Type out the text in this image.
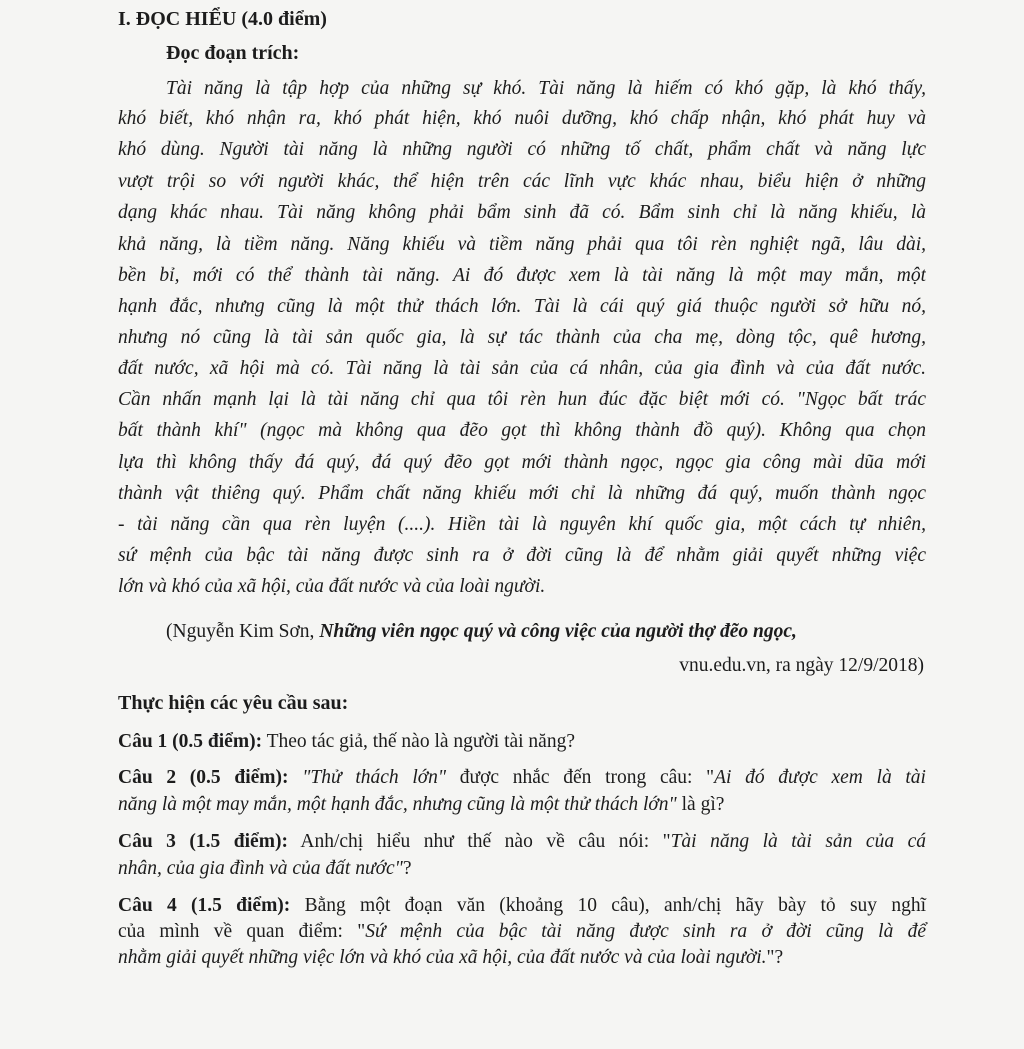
I. ĐỌC HIỂU (4.0 điểm)
Đọc đoạn trích:
Tài năng là tập hợp của những sự khó. Tài năng là hiếm có khó gặp, là khó thấy,
khó biết, khó nhận ra, khó phát hiện, khó nuôi dưỡng, khó chấp nhận, khó phát huy và
khó dùng. Người tài năng là những người có những tố chất, phẩm chất và năng lực
vượt trội so với người khác, thể hiện trên các lĩnh vực khác nhau, biểu hiện ở những
dạng khác nhau. Tài năng không phải bẩm sinh đã có. Bẩm sinh chỉ là năng khiếu, là
khả năng, là tiềm năng. Năng khiếu và tiềm năng phải qua tôi rèn nghiệt ngã, lâu dài,
bền bỉ, mới có thể thành tài năng. Ai đó được xem là tài năng là một may mắn, một
hạnh đắc, nhưng cũng là một thử thách lớn. Tài là cái quý giá thuộc người sở hữu nó,
nhưng nó cũng là tài sản quốc gia, là sự tác thành của cha mẹ, dòng tộc, quê hương,
đất nước, xã hội mà có. Tài năng là tài sản của cá nhân, của gia đình và của đất nước.
Cần nhấn mạnh lại là tài năng chỉ qua tôi rèn hun đúc đặc biệt mới có. "Ngọc bất trác
bất thành khí" (ngọc mà không qua đẽo gọt thì không thành đồ quý). Không qua chọn
lựa thì không thấy đá quý, đá quý đẽo gọt mới thành ngọc, ngọc gia công mài dũa mới
thành vật thiêng quý. Phẩm chất năng khiếu mới chỉ là những đá quý, muốn thành ngọc
- tài năng cần qua rèn luyện (....). Hiền tài là nguyên khí quốc gia, một cách tự nhiên,
sứ mệnh của bậc tài năng được sinh ra ở đời cũng là để nhằm giải quyết những việc
lớn và khó của xã hội, của đất nước và của loài người.
(Nguyễn Kim Sơn, Những viên ngọc quý và công việc của người thợ đẽo ngọc,
vnu.edu.vn, ra ngày 12/9/2018)
Thực hiện các yêu cầu sau:
Câu 1 (0.5 điểm): Theo tác giả, thế nào là người tài năng?
Câu 2 (0.5 điểm): "Thử thách lớn" được nhắc đến trong câu: "Ai đó được xem là tài
năng là một may mắn, một hạnh đắc, nhưng cũng là một thử thách lớn" là gì?
Câu 3 (1.5 điểm): Anh/chị hiểu như thế nào về câu nói: "Tài năng là tài sản của cá
nhân, của gia đình và của đất nước"?
Câu 4 (1.5 điểm): Bằng một đoạn văn (khoảng 10 câu), anh/chị hãy bày tỏ suy nghĩ
của mình về quan điểm: "Sứ mệnh của bậc tài năng được sinh ra ở đời cũng là để
nhằm giải quyết những việc lớn và khó của xã hội, của đất nước và của loài người."?
